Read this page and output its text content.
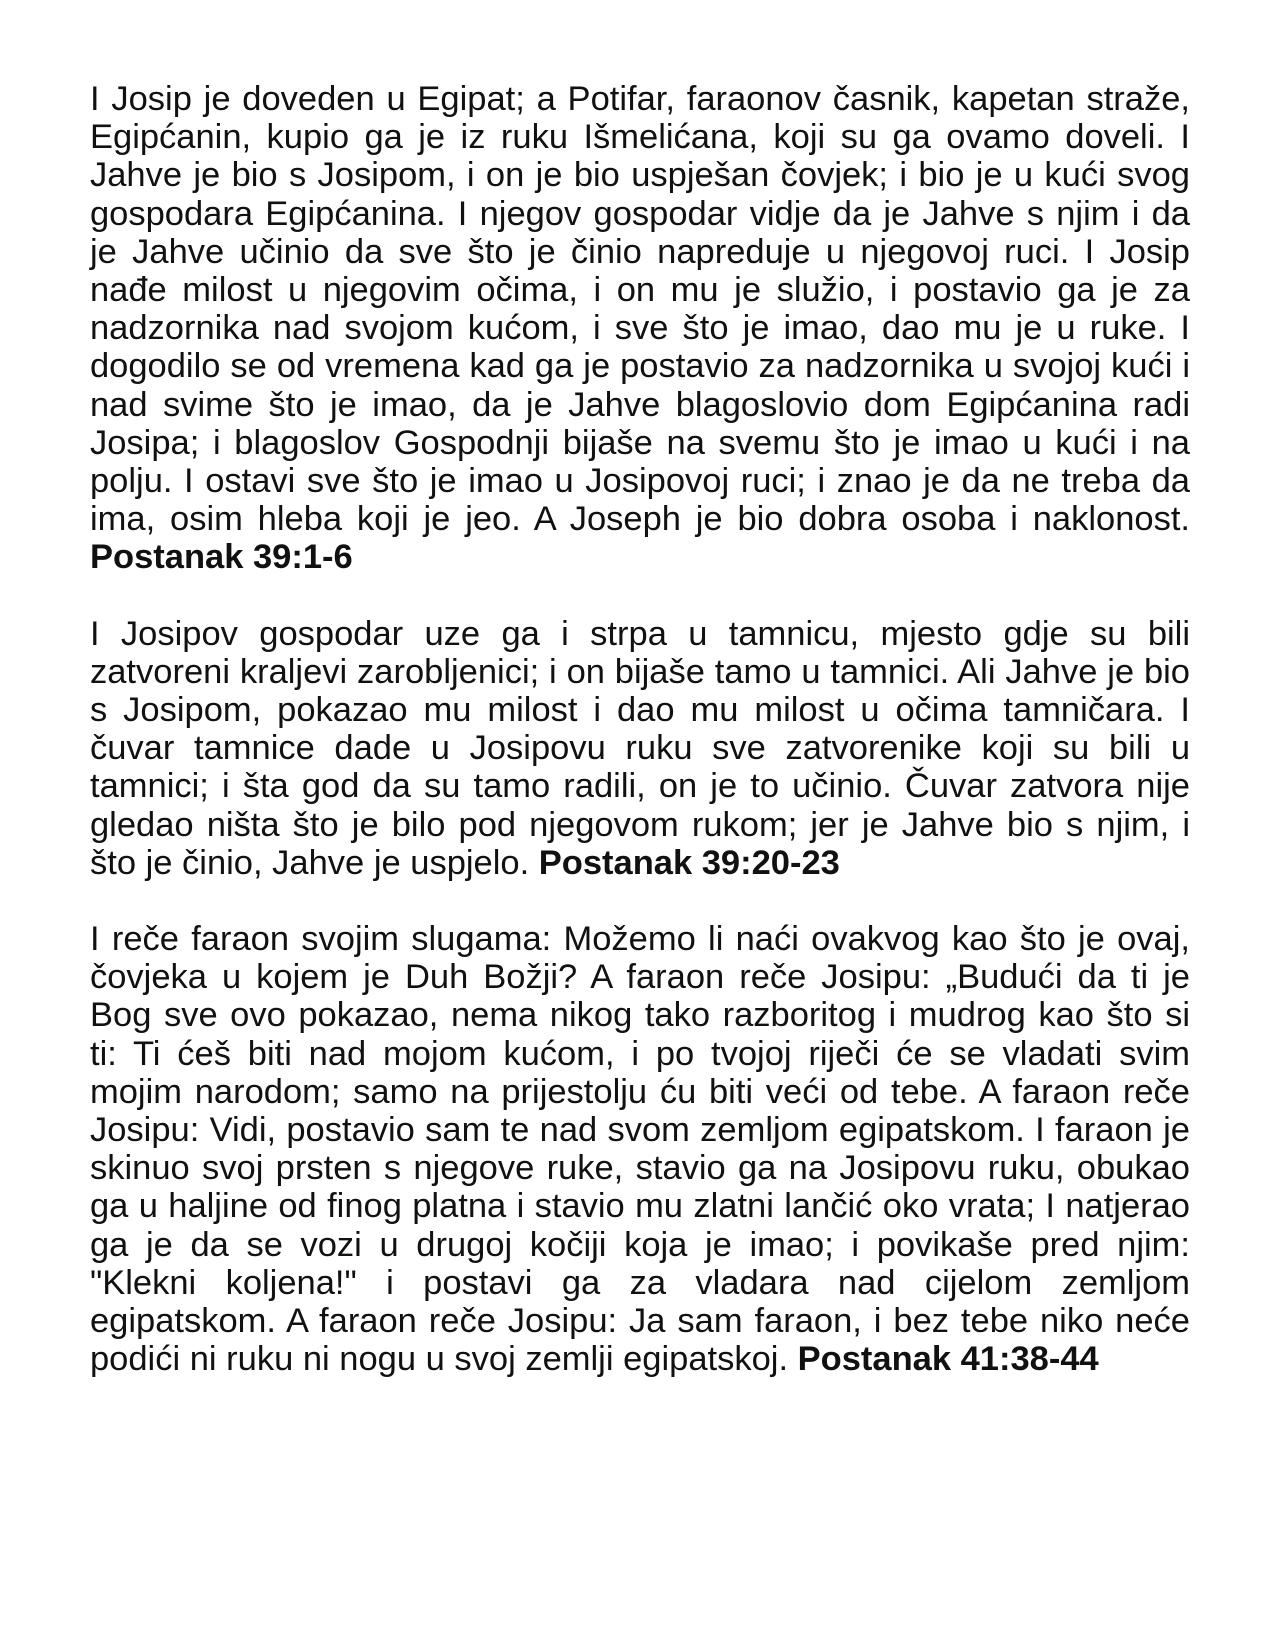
I Josip je doveden u Egipat; a Potifar, faraonov časnik, kapetan straže, Egipćanin, kupio ga je iz ruku Išmelićana, koji su ga ovamo doveli. I Jahve je bio s Josipom, i on je bio uspješan čovjek; i bio je u kući svog gospodara Egipćanina. I njegov gospodar vidje da je Jahve s njim i da je Jahve učinio da sve što je činio napreduje u njegovoj ruci. I Josip nađe milost u njegovim očima, i on mu je služio, i postavio ga je za nadzornika nad svojom kućom, i sve što je imao, dao mu je u ruke. I dogodilo se od vremena kad ga je postavio za nadzornika u svojoj kući i nad svime što je imao, da je Jahve blagoslovio dom Egipćanina radi Josipa; i blagoslov Gospodnji bijaše na svemu što je imao u kući i na polju. I ostavi sve što je imao u Josipovoj ruci; i znao je da ne treba da ima, osim hleba koji je jeo. A Joseph je bio dobra osoba i naklonost. Postanak 39:1-6

I Josipov gospodar uze ga i strpa u tamnicu, mjesto gdje su bili zatvoreni kraljevi zarobljenici; i on bijaše tamo u tamnici. Ali Jahve je bio s Josipom, pokazao mu milost i dao mu milost u očima tamničara. I čuvar tamnice dade u Josipovu ruku sve zatvorenike koji su bili u tamnici; i šta god da su tamo radili, on je to učinio. Čuvar zatvora nije gledao ništa što je bilo pod njegovom rukom; jer je Jahve bio s njim, i što je činio, Jahve je uspjelo. Postanak 39:20-23

I reče faraon svojim slugama: Možemo li naći ovakvog kao što je ovaj, čovjeka u kojem je Duh Božji? A faraon reče Josipu: „Budući da ti je Bog sve ovo pokazao, nema nikog tako razboritog i mudrog kao što si ti: Ti ćeš biti nad mojom kućom, i po tvojoj riječi će se vladati svim mojim narodom; samo na prijestolju ću biti veći od tebe. A faraon reče Josipu: Vidi, postavio sam te nad svom zemljom egipatskom. I faraon je skinuo svoj prsten s njegove ruke, stavio ga na Josipovu ruku, obukao ga u haljine od finog platna i stavio mu zlatni lančić oko vrata; I natjerao ga je da se vozi u drugoj kočiji koja je imao; i povikaše pred njim: "Klekni koljena!" i postavi ga za vladara nad cijelom zemljom egipatskom. A faraon reče Josipu: Ja sam faraon, i bez tebe niko neće podići ni ruku ni nogu u svoj zemlji egipatskoj. Postanak 41:38-44
